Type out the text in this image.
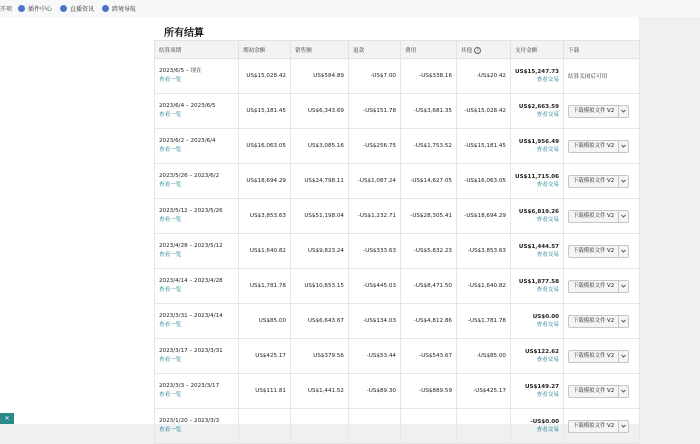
开项	插件中心	直播资讯	跨境导航
所有结算
结算周期	期初余额	销售额	退款	费用	其他 ?	支付金额	下载

2023/6/5 – 现在
查看一览	US$15,028.42	US$584.89	-US$7.00	-US$338.16	-US$20.42	US$15,247.73
查看交易	结算关闭后可用

2023/6/4 – 2023/6/5
查看一览	US$15,181.45	US$6,343.69	-US$151.78	-US$3,681.35	-US$15,028.42	US$2,663.59
查看交易	下载模拟文件 V2

2023/6/2 – 2023/6/4
查看一览	US$16,063.05	US$3,085.16	-US$256.75	-US$1,753.52	-US$15,181.45	US$1,956.49
查看交易	下载模拟文件 V2

2023/5/26 – 2023/6/2
查看一览	US$18,694.29	US$24,798.11	-US$1,087.24	-US$14,627.05	-US$16,063.05	US$11,715.06
查看交易	下载模拟文件 V2

2023/5/12 – 2023/5/26
查看一览	US$3,853.63	US$51,198.04	-US$1,232.71	-US$28,305.41	-US$18,694.29	US$6,819.26
查看交易	下载模拟文件 V2

2023/4/28 – 2023/5/12
查看一览	US$1,640.82	US$9,823.24	-US$333.63	-US$5,832.23	-US$3,853.63	US$1,444.57
查看交易	下载模拟文件 V2

2023/4/14 – 2023/4/28
查看一览	US$1,781.78	US$10,653.15	-US$445.03	-US$8,471.50	-US$1,640.82	US$1,877.58
查看交易	下载模拟文件 V2

2023/3/31 – 2023/4/14
查看一览	US$85.00	US$6,643.67	-US$134.03	-US$4,812.86	-US$1,781.78	US$0.00
查看交易	下载模拟文件 V2

2023/3/17 – 2023/3/31
查看一览	US$425.17	US$379.56	-US$53.44	-US$543.67	-US$85.00	US$122.62
查看交易	下载模拟文件 V2

2023/3/3 – 2023/3/17
查看一览	US$111.81	US$1,441.52	-US$89.30	-US$889.59	-US$425.17	US$149.27
查看交易	下载模拟文件 V2

2023/1/20 – 2023/3/3
查看一览						-US$0.00
查看交易	下载模拟文件 V2
✕
